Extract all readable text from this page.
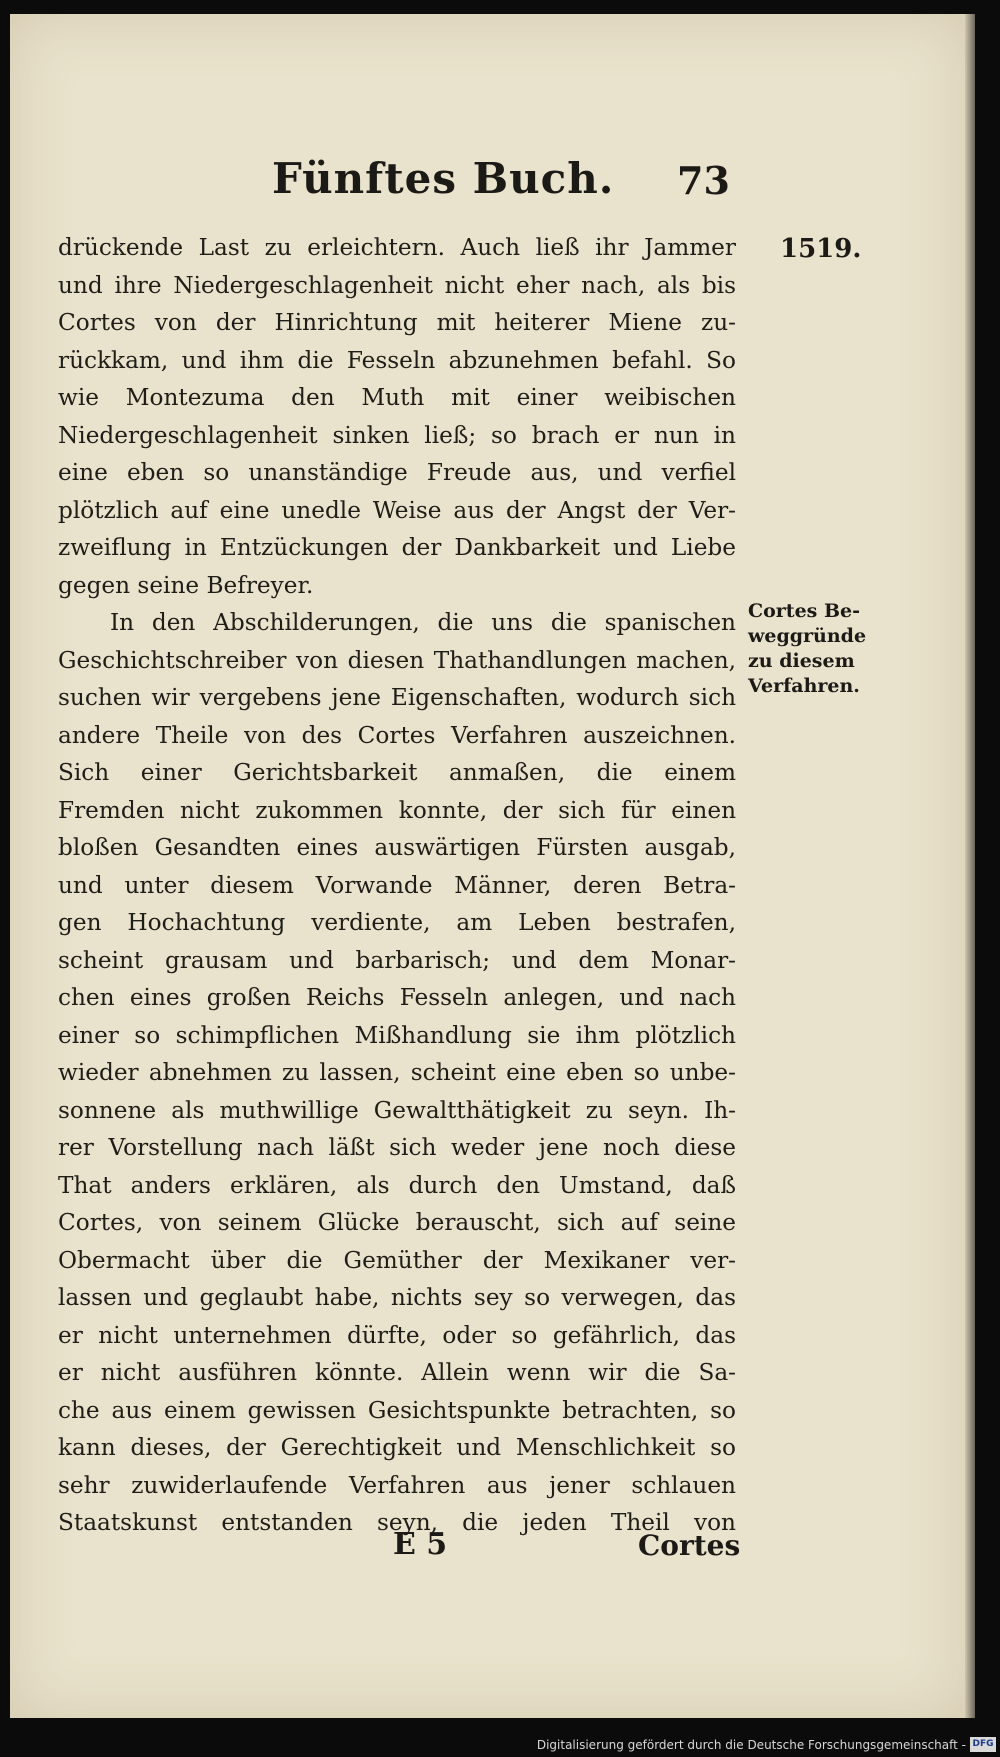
Fünftes Buch. 73
1519.
Cortes Be-
weggründe
zu diesem
Verfahren.
drückende Last zu erleichtern. Auch ließ ihr Jammer
und ihre Niedergeschlagenheit nicht eher nach, als bis
Cortes von der Hinrichtung mit heiterer Miene zu-
rückkam, und ihm die Fesseln abzunehmen befahl. So
wie Montezuma den Muth mit einer weibischen
Niedergeschlagenheit sinken ließ; so brach er nun in
eine eben so unanständige Freude aus, und verfiel
plötzlich auf eine unedle Weise aus der Angst der Ver-
zweiflung in Entzückungen der Dankbarkeit und Liebe
gegen seine Befreyer.
In den Abschilderungen, die uns die spanischen
Geschichtschreiber von diesen Thathandlungen machen,
suchen wir vergebens jene Eigenschaften, wodurch sich
andere Theile von des Cortes Verfahren auszeichnen.
Sich einer Gerichtsbarkeit anmaßen, die einem
Fremden nicht zukommen konnte, der sich für einen
bloßen Gesandten eines auswärtigen Fürsten ausgab,
und unter diesem Vorwande Männer, deren Betra-
gen Hochachtung verdiente, am Leben bestrafen,
scheint grausam und barbarisch; und dem Monar-
chen eines großen Reichs Fesseln anlegen, und nach
einer so schimpflichen Mißhandlung sie ihm plötzlich
wieder abnehmen zu lassen, scheint eine eben so unbe-
sonnene als muthwillige Gewaltthätigkeit zu seyn. Ih-
rer Vorstellung nach läßt sich weder jene noch diese
That anders erklären, als durch den Umstand, daß
Cortes, von seinem Glücke berauscht, sich auf seine
Obermacht über die Gemüther der Mexikaner ver-
lassen und geglaubt habe, nichts sey so verwegen, das
er nicht unternehmen dürfte, oder so gefährlich, das
er nicht ausführen könnte. Allein wenn wir die Sa-
che aus einem gewissen Gesichtspunkte betrachten, so
kann dieses, der Gerechtigkeit und Menschlichkeit so
sehr zuwiderlaufende Verfahren aus jener schlauen
Staatskunst entstanden seyn, die jeden Theil von
E 5	Cortes
Digitalisierung gefördert durch die Deutsche Forschungsgemeinschaft - DFG
